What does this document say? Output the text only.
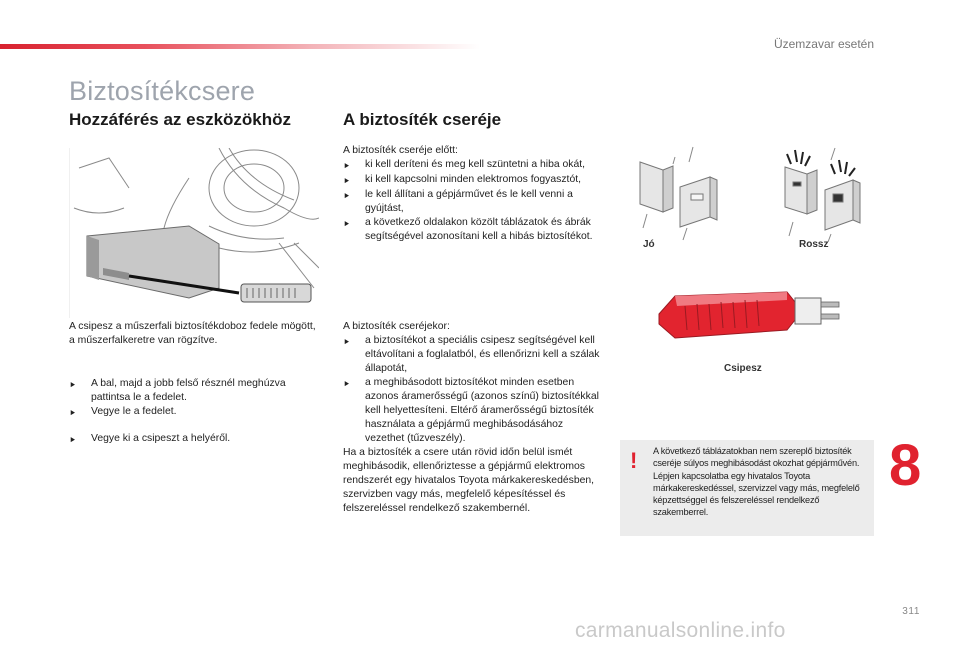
Üzemzavar esetén
Biztosítékcsere
Hozzáférés az eszközökhöz	A biztosíték cseréje
A csipesz a műszerfali biztosítékdoboz fedele mögött, a műszerfalkeretre van rögzítve.
⯈	A bal, majd a jobb felső résznél meghúzva pattintsa le a fedelet.
⯈	Vegye le a fedelet.
⯈	Vegye ki a csipeszt a helyéről.
A biztosíték cseréje előtt:
⯈	ki kell deríteni és meg kell szüntetni a hiba okát,
⯈	ki kell kapcsolni minden elektromos fogyasztót,
⯈	le kell állítani a gépjárművet és le kell venni a gyújtást,
⯈	a következő oldalakon közölt táblázatok és ábrák segítségével azonosítani kell a hibás biztosítékot.
A biztosíték cseréjekor:
⯈	a biztosítékot a speciális csipesz segítségével kell eltávolítani a foglalatból, és ellenőrizni kell a szálak állapotát,
⯈	a meghibásodott biztosítékot minden esetben azonos áramerősségű (azonos színű) biztosítékkal kell helyettesíteni. Eltérő áramerősségű biztosíték használata a gépjármű meghibásodásához vezethet (tűzveszély).
Ha a biztosíték a csere után rövid időn belül ismét meghibásodik, ellenőriztesse a gépjármű elektromos rendszerét egy hivatalos Toyota márkakereskedésben, szervizben vagy más, megfelelő képesítéssel és felszereléssel rendelkező szakembernél.
Jó	Rossz
Csipesz
! A következő táblázatokban nem szereplő biztosíték cseréje súlyos meghibásodást okozhat gépjárművén. Lépjen kapcsolatba egy hivatalos Toyota márkakereskedéssel, szervizzel vagy más, megfelelő képzettséggel és felszereléssel rendelkező szakemberrel.
8
311
carmanualsonline.info
